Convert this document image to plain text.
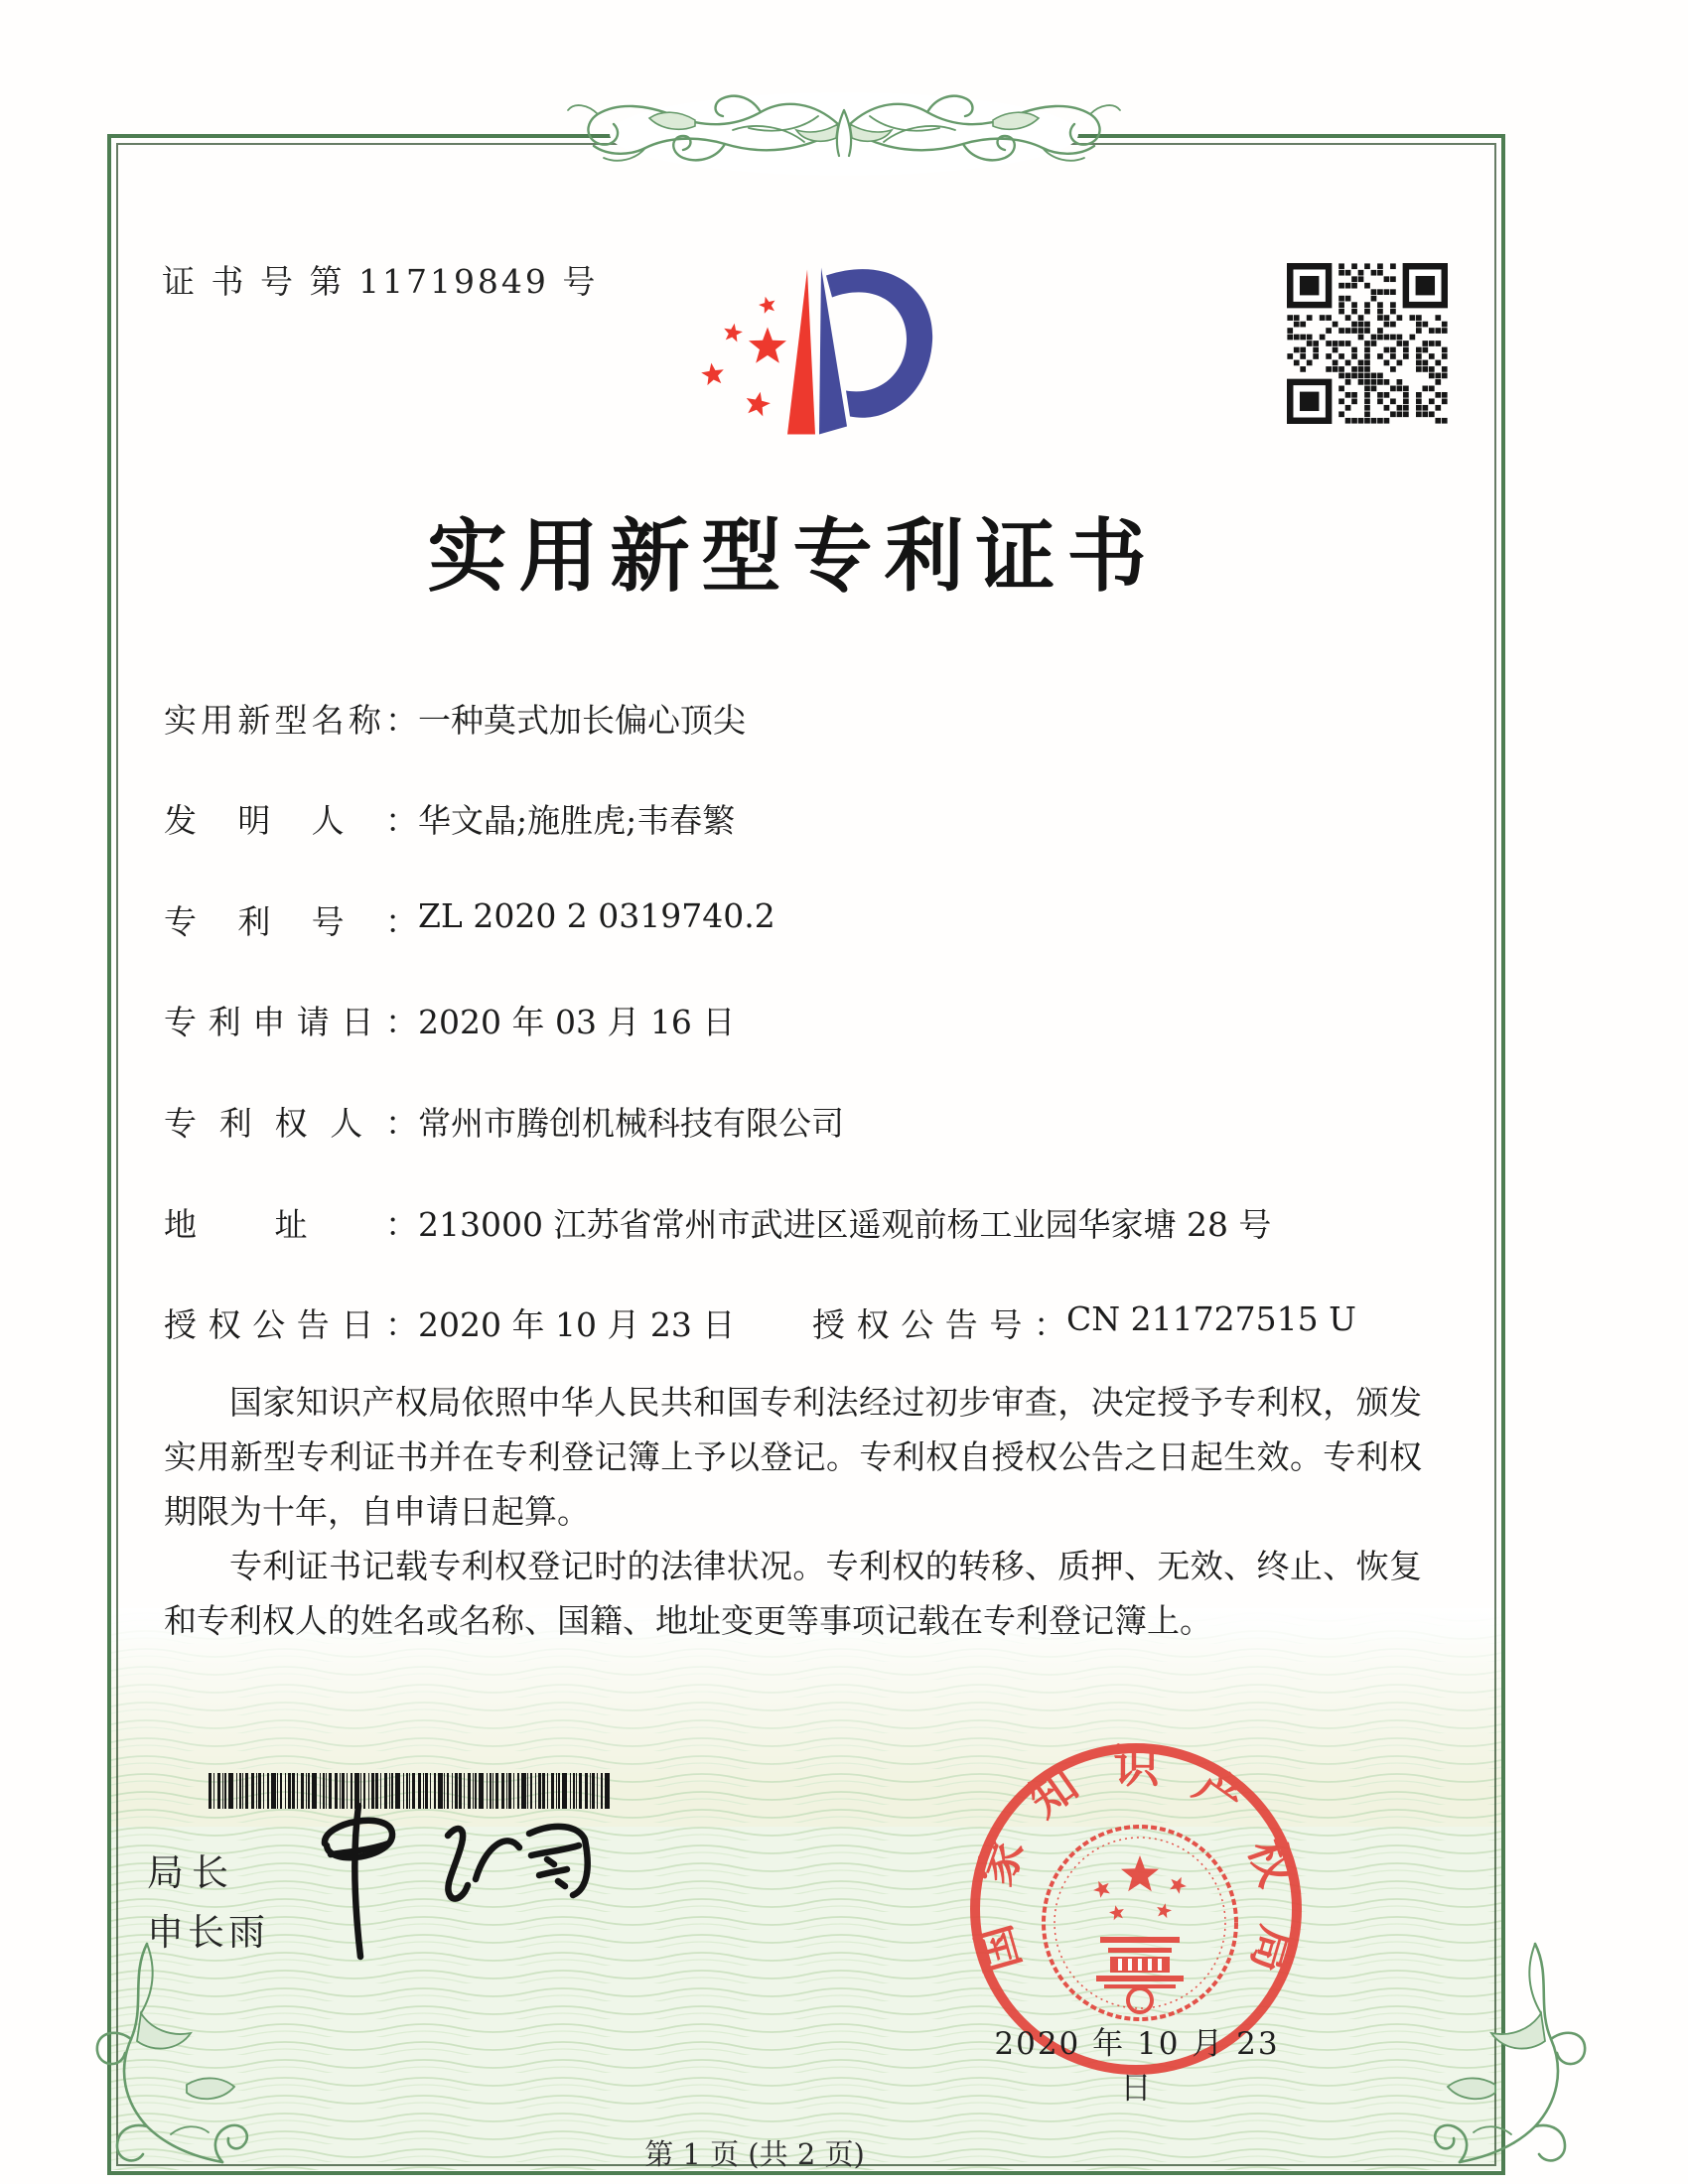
证 书 号 第 11719849 号
实用新型专利证书
实用新型名称：一种莫式加长偏心顶尖
发明人：华文晶;施胜虎;韦春繁
专利号：ZL 2020 2 0319740.2
专利申请日：2020 年 03 月 16 日
专利权人：常州市腾创机械科技有限公司
地址：213000 江苏省常州市武进区遥观前杨工业园华家塘 28 号
授权公告日：2020 年 10 月 23 日 授权公告号：CN 211727515 U

国家知识产权局依照中华人民共和国专利法经过初步审查，决定授予专利权，颁发实用新型专利证书并在专利登记簿上予以登记。专利权自授权公告之日起生效。专利权期限为十年，自申请日起算。

专利证书记载专利权登记时的法律状况。专利权的转移、质押、无效、终止、恢复和专利权人的姓名或名称、国籍、地址变更等事项记载在专利登记簿上。

局长
申长雨	国家知识产权局
2020 年 10 月 23 日
第 1 页 (共 2 页)
